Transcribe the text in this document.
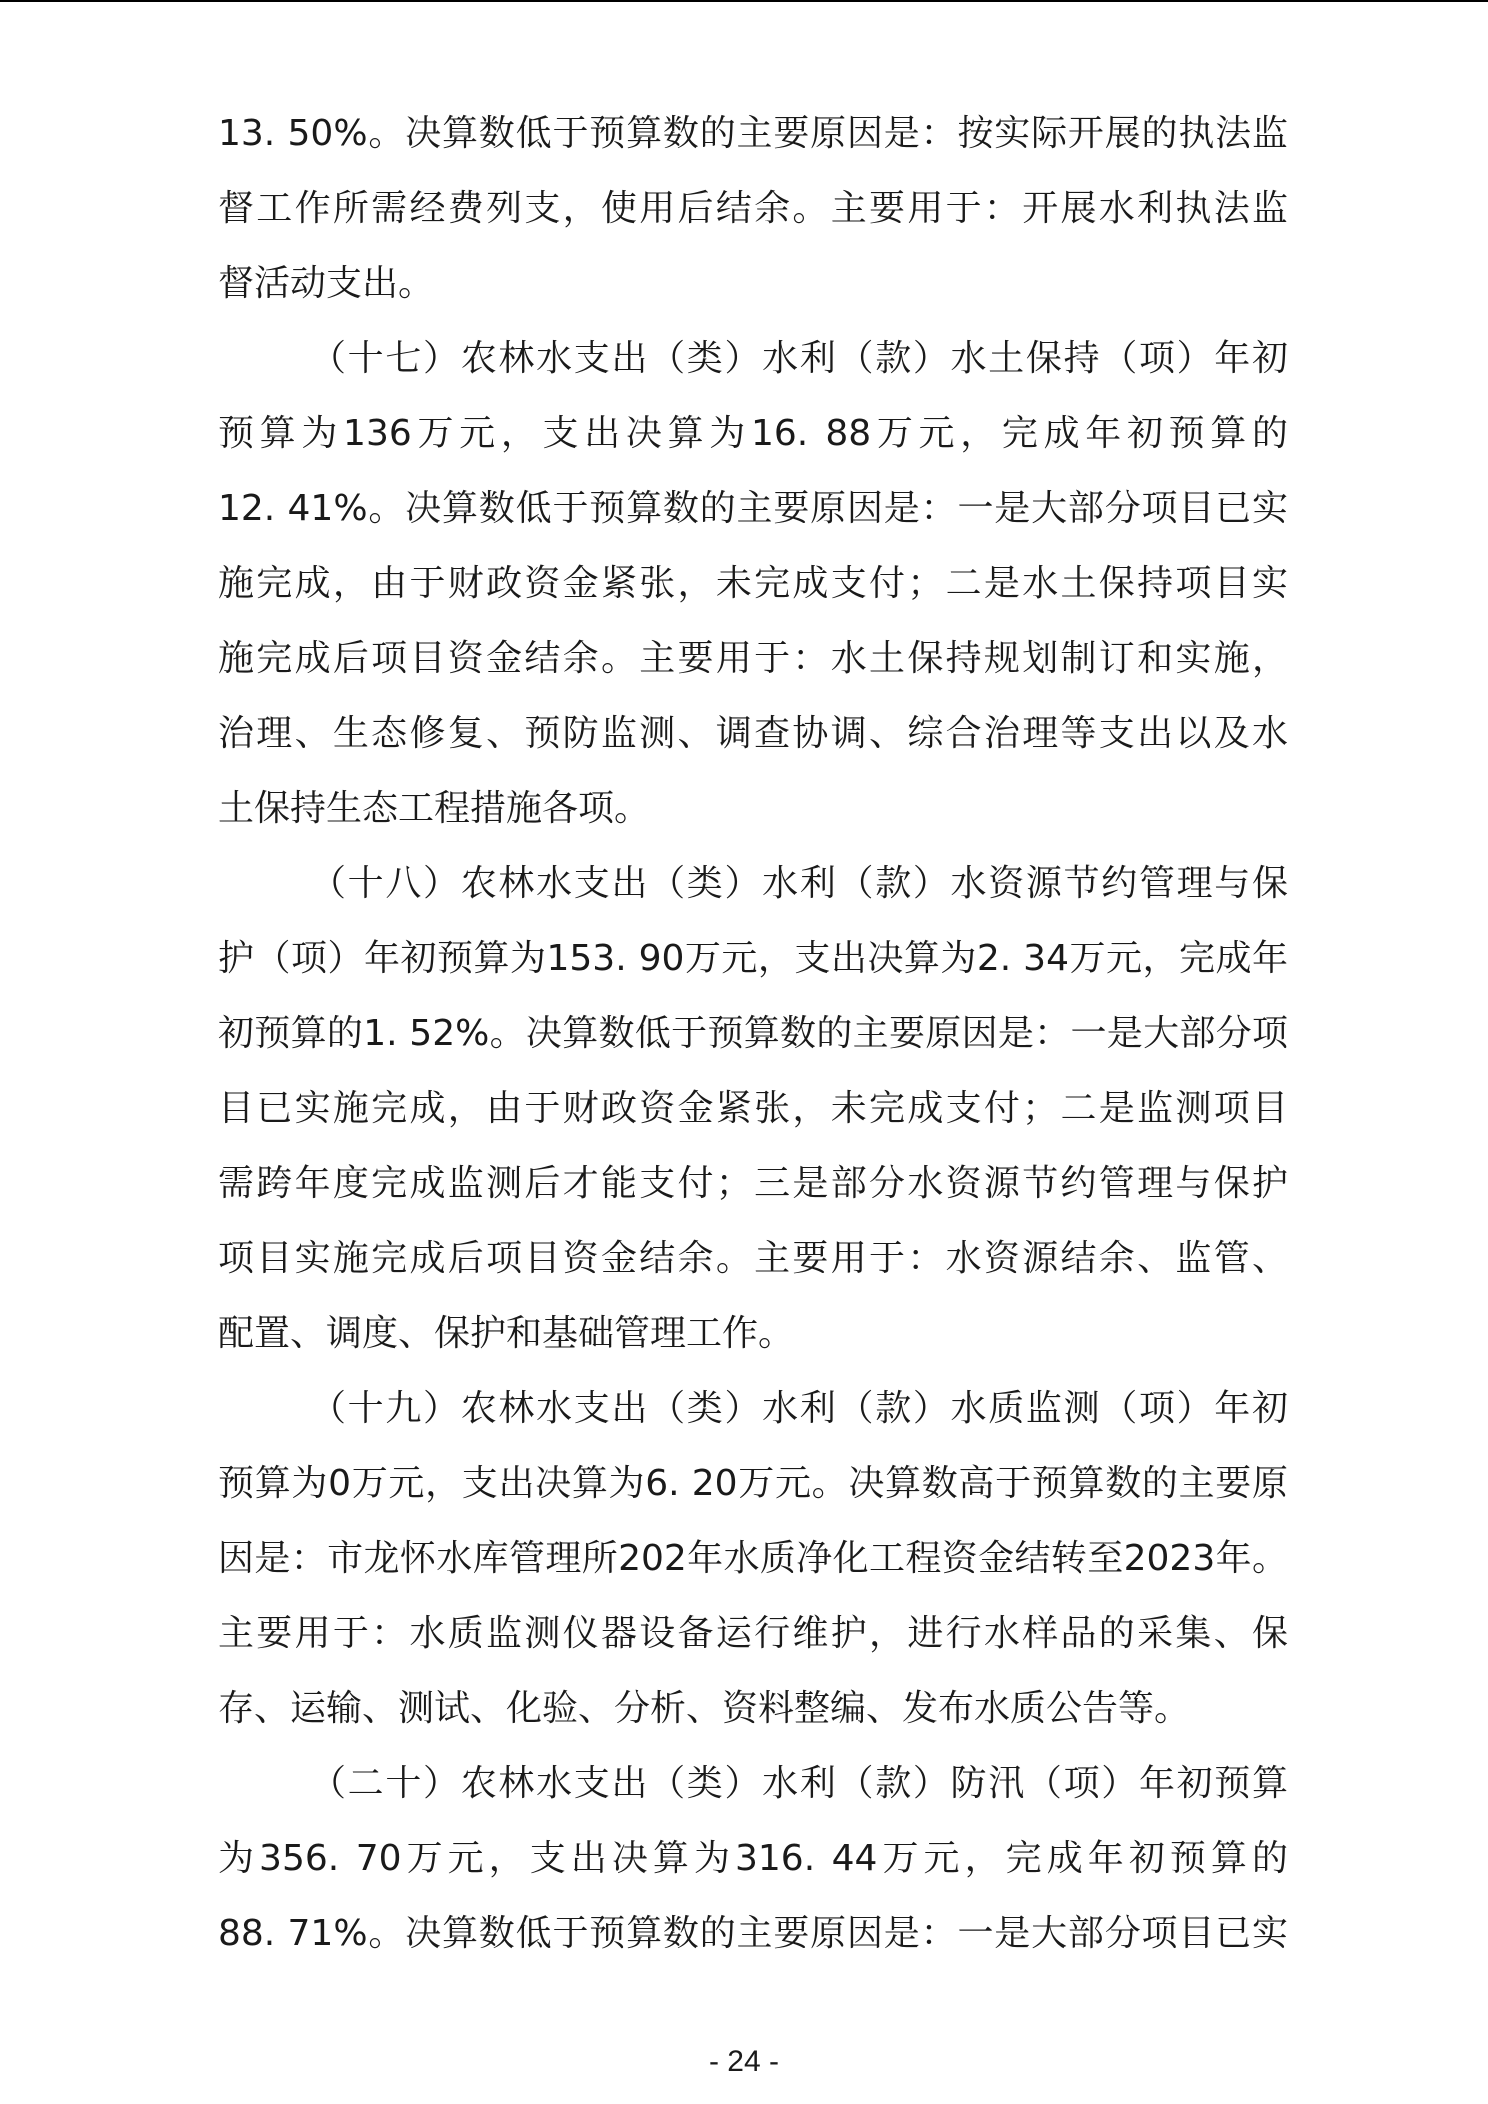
13. 50%。决算数低于预算数的主要原因是：按实际开展的执法监
督工作所需经费列支，使用后结余。主要用于：开展水利执法监
督活动支出。
（十七）农林水支出（类）水利（款）水土保持（项）年初
预算为136万元，支出决算为16. 88万元，完成年初预算的
12. 41%。决算数低于预算数的主要原因是：一是大部分项目已实
施完成，由于财政资金紧张，未完成支付；二是水土保持项目实
施完成后项目资金结余。主要用于：水土保持规划制订和实施，
治理、生态修复、预防监测、调查协调、综合治理等支出以及水
土保持生态工程措施各项。
（十八）农林水支出（类）水利（款）水资源节约管理与保
护（项）年初预算为153. 90万元，支出决算为2. 34万元，完成年
初预算的1. 52%。决算数低于预算数的主要原因是：一是大部分项
目已实施完成，由于财政资金紧张，未完成支付；二是监测项目
需跨年度完成监测后才能支付；三是部分水资源节约管理与保护
项目实施完成后项目资金结余。主要用于：水资源结余、监管、
配置、调度、保护和基础管理工作。
（十九）农林水支出（类）水利（款）水质监测（项）年初
预算为0万元，支出决算为6. 20万元。决算数高于预算数的主要原
因是：市龙怀水库管理所202年水质净化工程资金结转至2023年。
主要用于：水质监测仪器设备运行维护，进行水样品的采集、保
存、运输、测试、化验、分析、资料整编、发布水质公告等。
（二十）农林水支出（类）水利（款）防汛（项）年初预算
为356. 70万元，支出决算为316. 44万元，完成年初预算的
88. 71%。决算数低于预算数的主要原因是：一是大部分项目已实
- 24 -
